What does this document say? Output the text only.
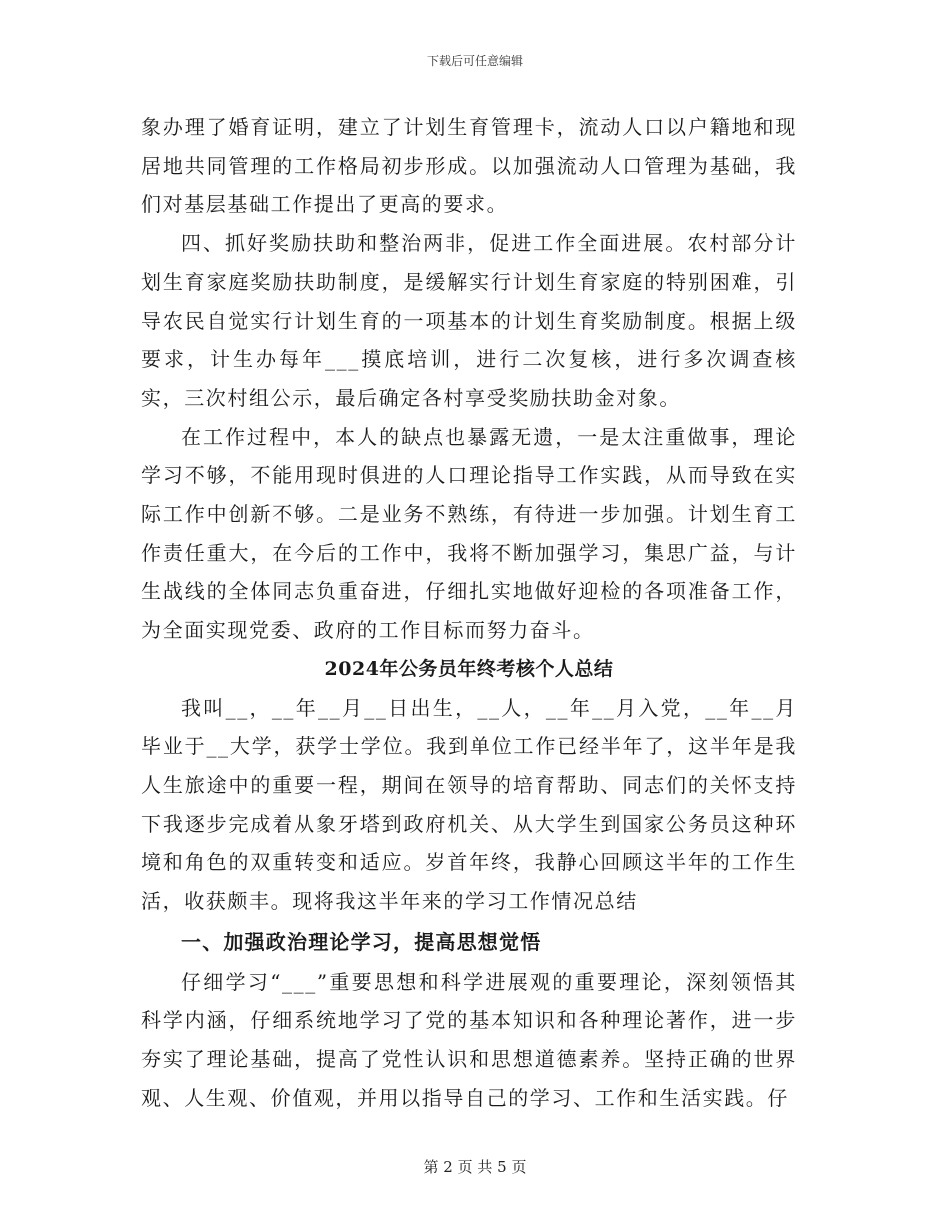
下载后可任意编辑

象办理了婚育证明，建立了计划生育管理卡，流动人口以户籍地和现居地共同管理的工作格局初步形成。以加强流动人口管理为基础，我们对基层基础工作提出了更高的要求。

四、抓好奖励扶助和整治两非，促进工作全面进展。农村部分计划生育家庭奖励扶助制度，是缓解实行计划生育家庭的特别困难，引导农民自觉实行计划生育的一项基本的计划生育奖励制度。根据上级要求，计生办每年___摸底培训，进行二次复核，进行多次调查核实，三次村组公示，最后确定各村享受奖励扶助金对象。

在工作过程中，本人的缺点也暴露无遗，一是太注重做事，理论学习不够，不能用现时俱进的人口理论指导工作实践，从而导致在实际工作中创新不够。二是业务不熟练，有待进一步加强。计划生育工作责任重大，在今后的工作中，我将不断加强学习，集思广益，与计生战线的全体同志负重奋进，仔细扎实地做好迎检的各项准备工作，为全面实现党委、政府的工作目标而努力奋斗。

2024年公务员年终考核个人总结

我叫__，__年__月__日出生，__人，__年__月入党，__年__月毕业于__大学，获学士学位。我到单位工作已经半年了，这半年是我人生旅途中的重要一程，期间在领导的培育帮助、同志们的关怀支持下我逐步完成着从象牙塔到政府机关、从大学生到国家公务员这种环境和角色的双重转变和适应。岁首年终，我静心回顾这半年的工作生活，收获颇丰。现将我这半年来的学习工作情况总结

一、加强政治理论学习，提高思想觉悟

仔细学习“___”重要思想和科学进展观的重要理论，深刻领悟其科学内涵，仔细系统地学习了党的基本知识和各种理论著作，进一步夯实了理论基础，提高了党性认识和思想道德素养。坚持正确的世界观、人生观、价值观，并用以指导自己的学习、工作和生活实践。仔

第 2 页 共 5 页
